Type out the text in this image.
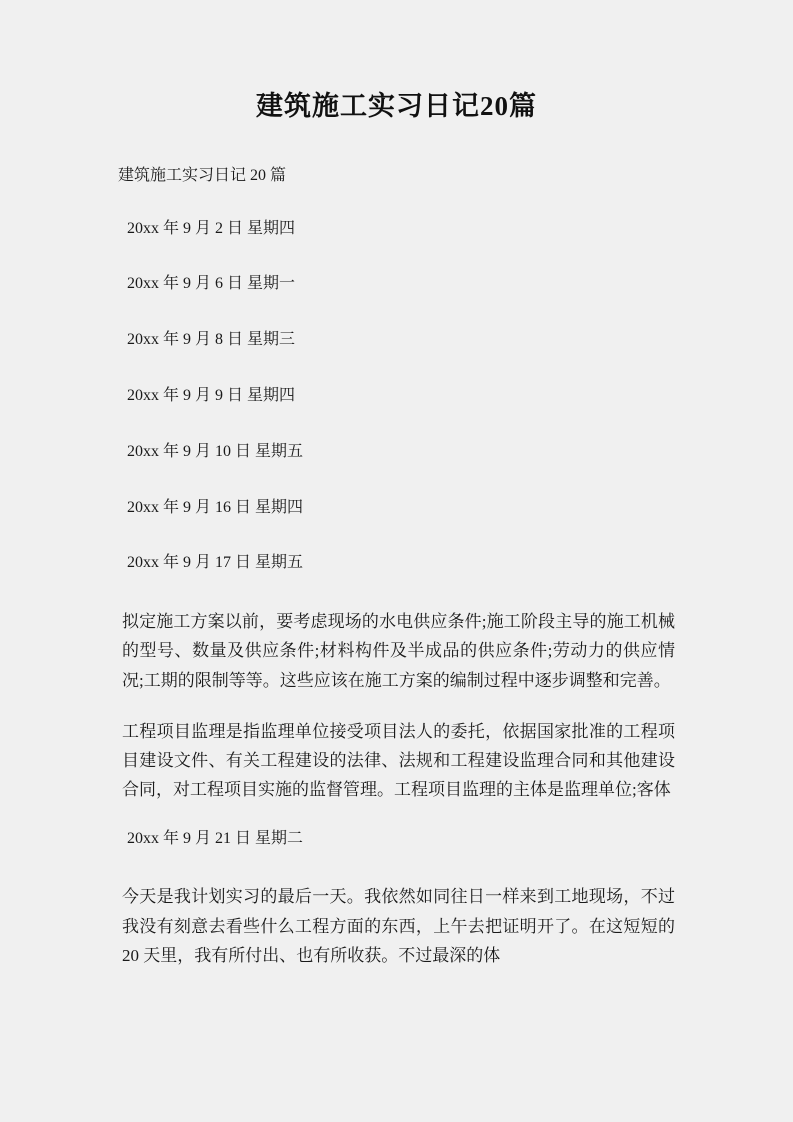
建筑施工实习日记20篇

建筑施工实习日记 20 篇

20xx 年 9 月 2 日 星期四

20xx 年 9 月 6 日 星期一

20xx 年 9 月 8 日 星期三

20xx 年 9 月 9 日 星期四

20xx 年 9 月 10 日 星期五

20xx 年 9 月 16 日 星期四

20xx 年 9 月 17 日 星期五

拟定施工方案以前，要考虑现场的水电供应条件;施工阶段主导的施工机械的型号、数量及供应条件;材料构件及半成品的供应条件;劳动力的供应情况;工期的限制等等。这些应该在施工方案的编制过程中逐步调整和完善。

工程项目监理是指监理单位接受项目法人的委托，依据国家批准的工程项目建设文件、有关工程建设的法律、法规和工程建设监理合同和其他建设合同，对工程项目实施的监督管理。工程项目监理的主体是监理单位;客体

20xx 年 9 月 21 日 星期二

今天是我计划实习的最后一天。我依然如同往日一样来到工地现场，不过我没有刻意去看些什么工程方面的东西，上午去把证明开了。在这短短的 20 天里，我有所付出、也有所收获。不过最深的体
